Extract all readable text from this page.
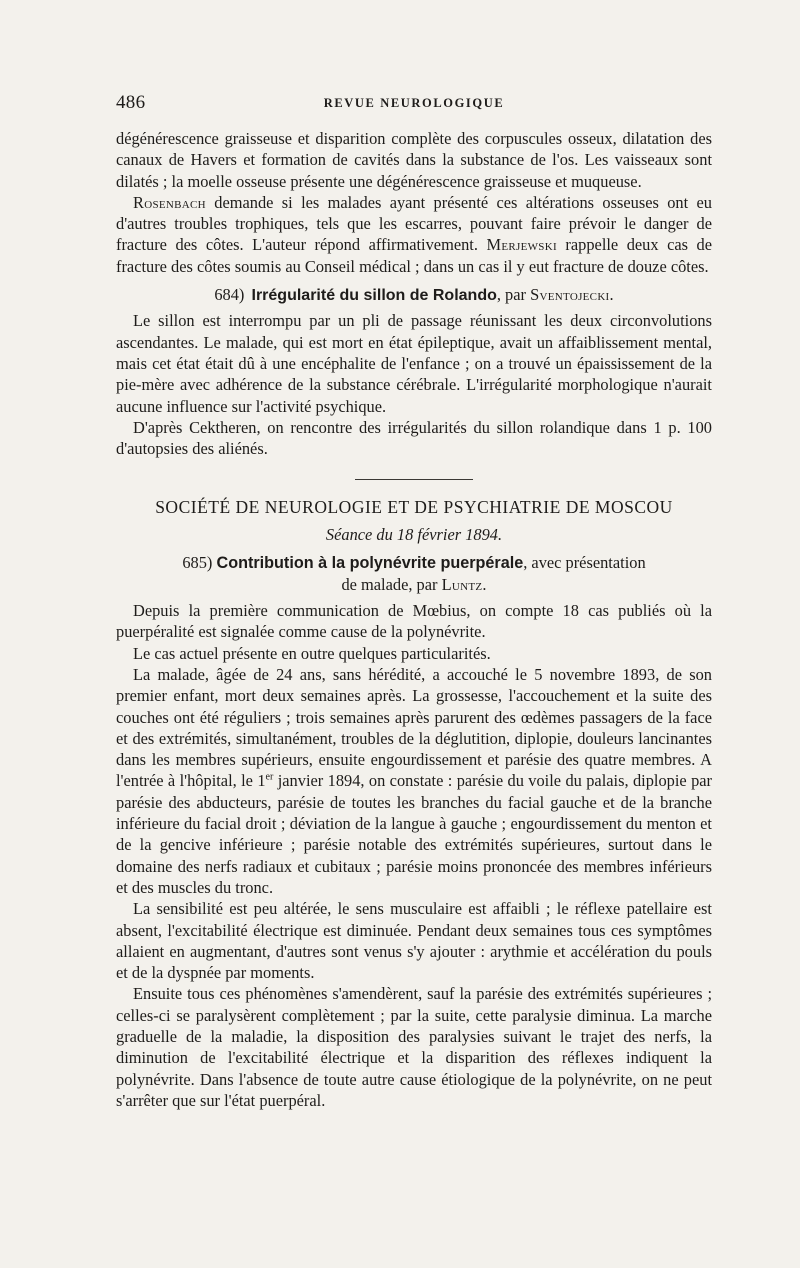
486	REVUE NEUROLOGIQUE

dégénérescence graisseuse et disparition complète des corpuscules osseux, dilatation des canaux de Havers et formation de cavités dans la substance de l'os. Les vaisseaux sont dilatés ; la moelle osseuse présente une dégénérescence graisseuse et muqueuse.

Rosenbach demande si les malades ayant présenté ces altérations osseuses ont eu d'autres troubles trophiques, tels que les escarres, pouvant faire prévoir le danger de fracture des côtes. L'auteur répond affirmativement. Merjewski rappelle deux cas de fracture des côtes soumis au Conseil médical ; dans un cas il y eut fracture de douze côtes.

684) Irrégularité du sillon de Rolando, par Sventojecki.

Le sillon est interrompu par un pli de passage réunissant les deux circonvolutions ascendantes. Le malade, qui est mort en état épileptique, avait un affaiblissement mental, mais cet état était dû à une encéphalite de l'enfance ; on a trouvé un épaississement de la pie-mère avec adhérence de la substance cérébrale. L'irrégularité morphologique n'aurait aucune influence sur l'activité psychique.

D'après Cektheren, on rencontre des irrégularités du sillon rolandique dans 1 p. 100 d'autopsies des aliénés.

SOCIÉTÉ DE NEUROLOGIE ET DE PSYCHIATRIE DE MOSCOU

Séance du 18 février 1894.

685) Contribution à la polynévrite puerpérale, avec présentation
de malade, par Luntz.

Depuis la première communication de Mœbius, on compte 18 cas publiés où la puerpéralité est signalée comme cause de la polynévrite.

Le cas actuel présente en outre quelques particularités.

La malade, âgée de 24 ans, sans hérédité, a accouché le 5 novembre 1893, de son premier enfant, mort deux semaines après. La grossesse, l'accouchement et la suite des couches ont été réguliers ; trois semaines après parurent des œdèmes passagers de la face et des extrémités, simultanément, troubles de la déglutition, diplopie, douleurs lancinantes dans les membres supérieurs, ensuite engourdissement et parésie des quatre membres. A l'entrée à l'hôpital, le 1er janvier 1894, on constate : parésie du voile du palais, diplopie par parésie des abducteurs, parésie de toutes les branches du facial gauche et de la branche inférieure du facial droit ; déviation de la langue à gauche ; engourdissement du menton et de la gencive inférieure ; parésie notable des extrémités supérieures, surtout dans le domaine des nerfs radiaux et cubitaux ; parésie moins prononcée des membres inférieurs et des muscles du tronc.

La sensibilité est peu altérée, le sens musculaire est affaibli ; le réflexe patellaire est absent, l'excitabilité électrique est diminuée. Pendant deux semaines tous ces symptômes allaient en augmentant, d'autres sont venus s'y ajouter : arythmie et accélération du pouls et de la dyspnée par moments.

Ensuite tous ces phénomènes s'amendèrent, sauf la parésie des extrémités supérieures ; celles-ci se paralysèrent complètement ; par la suite, cette paralysie diminua. La marche graduelle de la maladie, la disposition des paralysies suivant le trajet des nerfs, la diminution de l'excitabilité électrique et la disparition des réflexes indiquent la polynévrite. Dans l'absence de toute autre cause étiologique de la polynévrite, on ne peut s'arrêter que sur l'état puerpéral.
